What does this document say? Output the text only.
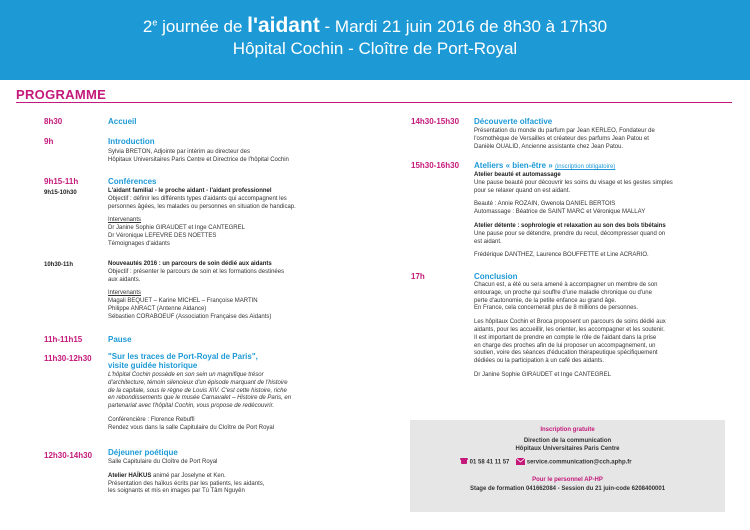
2e journée de l'aidant - Mardi 21 juin 2016 de 8h30 à 17h30
Hôpital Cochin - Cloître de Port-Royal
PROGRAMME
8h30	Accueil
9h	Introduction
Sylvia BRETON, Adjointe par intérim au directeur des
Hôpitaux Universitaires Paris Centre et Directrice de l'hôpital Cochin
9h15-11h	Conférences
9h15-10h30	L'aidant familial - le proche aidant - l'aidant professionnel
Objectif : définir les différents types d'aidants qui accompagnent les
personnes âgées, les malades ou personnes en situation de handicap.
Intervenants
Dr Janine Sophie GIRAUDET et Inge CANTEGREL
Dr Véronique LEFEVRE DES NOETTES
Témoignages d'aidants
10h30-11h	Nouveautés 2016 : un parcours de soin dédié aux aidants
Objectif : présenter le parcours de soin et les formations destinées
aux aidants.
Intervenants
Magali BEQUET – Karine MICHEL – Françoise MARTIN
Philippe ANRACT (Antenne Aidance)
Sébastien CORABOEUF (Association Française des Aidants)
11h-11h15	Pause
11h30-12h30 "Sur les traces de Port-Royal de Paris",
visite guidée historique
L'hôpital Cochin possède en son sein un magnifique trésor
d'architecture, témoin silencieux d'un épisode marquant de l'histoire
de la capitale, sous le règne de Louis XIV. C'est cette histoire, riche
en rebondissements que le musée Carnavalet – Histoire de Paris, en
partenariat avec l'hôpital Cochin, vous propose de redécouvrir.
Conférencière : Florence Rebuffi
Rendez vous dans la salle Capitulaire du Cloître de Port Royal
12h30-14h30 Déjeuner poétique
Salle Capitulaire du Cloître de Port Royal
Atelier HAÏKUS animé par Joselyne et Ken.
Présentation des haïkus écrits par les patients, les aidants,
les soignants et mis en images par Tú Tâm Nguyên
14h30-15h30 Découverte olfactive
Présentation du monde du parfum par Jean KERLEO, Fondateur de
l'osmothèque de Versailles et créateur des parfums Jean Patou et
Danièle OUALID, Ancienne assistante chez Jean Patou.
15h30-16h30 Ateliers « bien-être » (inscription obligatoire)
Atelier beauté et automassage
Une pause beauté pour découvrir les soins du visage et les gestes simples
pour se relaxer quand on est aidant.
Beauté : Annie ROZAIN, Gwenola DANIEL BERTOIS
Automassage : Béatrice de SAINT MARC et Véronique MALLAY
Atelier détente : sophrologie et relaxation au son des bols tibétains
Une pause pour se détendre, prendre du recul, décompresser quand on
est aidant.
Frédérique DANTHEZ, Laurence BOUFFETTE et Line ACRARIO.
17h	Conclusion
Chacun est, a été ou sera amené à accompagner un membre de son
entourage, un proche qui souffre d'une maladie chronique ou d'une
perte d'autonomie, de la petite enfance au grand âge.
En France, cela concernerait plus de 8 millions de personnes.
Les hôpitaux Cochin et Broca proposent un parcours de soins dédié aux
aidants, pour les accueillir, les orienter, les accompagner et les soutenir.
Il est important de prendre en compte le rôle de l'aidant dans la prise
en charge des proches afin de lui proposer un accompagnement, un
soutien, voire des séances d'éducation thérapeutique spécifiquement
dédiées ou la participation à un café des aidants.
Dr Janine Sophie GIRAUDET et Inge CANTEGREL
Inscription gratuite
Direction de la communication
Hôpitaux Universitaires Paris Centre
01 58 41 11 57	service.communication@cch.aphp.fr
Pour le personnel AP-HP
Stage de formation 041662084 - Session du 21 juin-code 6208400001
